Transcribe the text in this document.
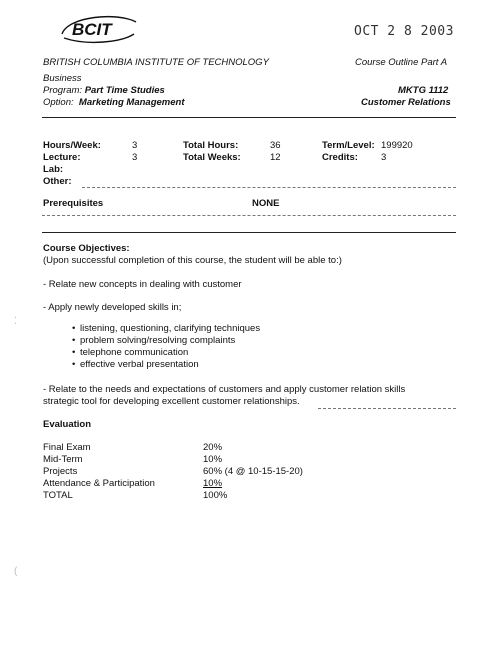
BCIT	OCT 2 8 2003
BRITISH COLUMBIA INSTITUTE OF TECHNOLOGY	Course Outline Part A
Business
Program: Part Time Studies	MKTG 1112
Option: Marketing Management	Customer Relations
Hours/Week:	3	Total Hours:	36	Term/Level: 199920
Lecture:	3	Total Weeks:	12	Credits: 3
Lab:
Other:
Prerequisites	NONE
Course Objectives:
(Upon successful completion of this course, the student will be able to:)
- Relate new concepts in dealing with customer
- Apply newly developed skills in;
• listening, questioning, clarifying techniques
• problem solving/resolving complaints
• telephone communication
• effective verbal presentation
- Relate to the needs and expectations of customers and apply customer relation skills
strategic tool for developing excellent customer relationships.
Evaluation
Final Exam	20%
Mid-Term	10%
Projects	60% (4 @ 10-15-15-20)
Attendance & Participation	10%
TOTAL	100%
⁚
(
